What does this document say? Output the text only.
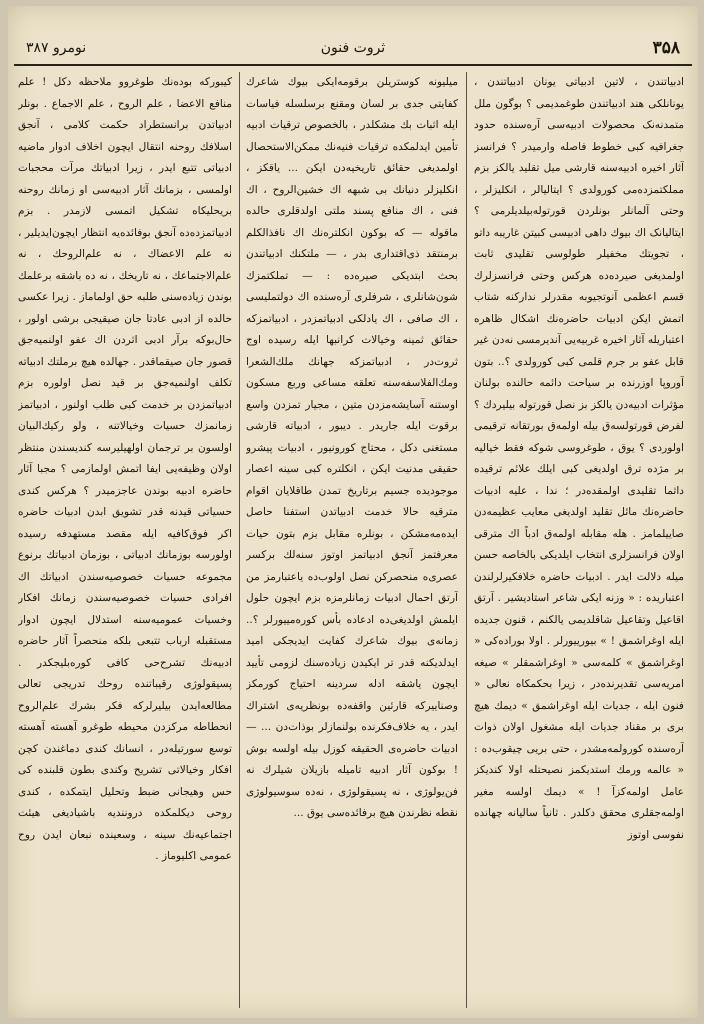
۳۵۸
ثروت فنون
نومرو ۳۸۷

ادبیاتندن ، لاتین ادبیاتی یونان ادبیاتندن ، یونانلکی هند ادبیاتندن طوغمدیمی ؟ بوگون ملل متمدنه‌نک محصولات ادبیه‌سی آره‌سنده حدود جغرافیه کبی خطوط فاصله وارمیدر ؟ فرانسز آثار اخیره ادبیه‌سنه قارشی میل تقلید یالکز بزم مملکتمزده‌می کورولدی ؟ ایتالیالر ، انکلیزلر ، وحتی آلمانلر بونلردن قورتوله‌بیلدیلرمی ؟ ایتالیانک اك بیوك داهی ادبیسی کبیتن غاریبه داتو ، تجویتك مخفیلر طولوسی تقلیدی ثابت اولمدیغی صیرده‌ده هرکس وحتی فرانسزلرك قسم اعظمی آنوتجیوبه مقدرلر ندارکنه شتاب اتمش ایکن ادبیات حاضره‌نك اشکال ظاهره اعتباریله آثار اخیره غربیه‌یی آندیرمسی نه‌دن غیر قابل عفو بر جرم قلمی کبی کورولدی ؟.. بتون آوروپا اوزرنده بر سیاحت دائمه حالنده بولنان مؤثرات ادبیه‌دن یالکز بز نصل قورتوله بیلیردك ؟ لفرض قورتولسه‌ق بیله اولمه‌ق بورتقانه ترقیمی اولوردی ؟ یوق ، طوغروسی شوکه فقط خیالیه بر مژده ترق اولدیغی کبی ایلك علائم ترقیده داثما تقلیدی اولمقده‌در ؛ ندا ، عليه ادبیات حاضره‌نك مائل تقلید اولدیغی معایب عظیمه‌دن صاییلمامز . هله مقابله اولمه‌ق ادباً اك مترقی اولان فرانسزلری انتخاب ایلدیکی بالخاصه حسن میله دلالت ایدر . ادبیات حاضره خلافکیرلرلندن اعتباریده : « وزنه ایکی شاعر استادیشیر . آرتق اقاعیل وتقاعیل شاقلدیمی یالکنم ، قنون جدیده ایله اوغراشمق ! » بیورییورلر . اولا بوراده‌کی « اوغراشمق » کلمه‌سی « اوغراشمقلر » صیغه امریه‌سی تقدیرنده‌در ، زیرا بحکمکاه نعالی « فنون ایله ، جدیات ایله اوغراشمق » دیمك هیچ برى بر مقناد جدیات ایله مشغول اولان ذوات آره‌سنده کورولمه‌مشدر ، حتی بریی چیقوب‌ده : « عالمه ورمك استدیکمز نصیحتله اولا کندیکز عامل اولمه‌کزآ ! » دیمك اولسه مغیر اولمه‌جقلری محقق دکلدر . ثانیاً سالیانه چهانده نفوسی اوتوز

میلیونه کوستریلن برقومه‌ایکی بیوك شاعرك کفایتی جدی بر لسان ومقنع برسلسله فیاسات ایله اثبات بك مشکلدر ، بالخصوص ترقیات ادبیه تأمین ایدلمکده ترقیات فنیه‌نك ممکن‌الاستحصال اولمدیغی حقائق تاریخیه‌دن ایکن ... یاقکز ، انکلیزلر دنیانك بی شبهه اك خشین‌الروح ، اك فنی ، اك منافع پسند ملتی اولدقلری حالده ماقوله — که بوکون انکلتره‌نك اك نافذالکلم برمنتقد ذی‌اقتداری بدر ، — ملتکنك ادبیاتندن بحث ابتدیکی صیره‌ده : — تملکتمزك شون‌شانلری ، شرفلری آره‌سنده اك دولتملیسی ، اك صافی ، اك یادلکی ادبیاتمزدر ، ادبیاتمزکه حقائق ثمینه وخیالات کرانبها ایله رسیده اوج ثروت‌در ، ادبیاتمزکه جهانك ملك‌الشعرا ومك‌الفلاسفه‌سنه تعلقه مساعی وربع مسکون اوستنه آسایشه‌مزدن متین ، مجیار تمزدن واسع برقوت ایله جاریدر . دیبور ، ادبیاته قارشی مستغنی دکل ، محتاج کورونیور ، ادبیات پیشرو حقیقی مدنیت ایکن ، انکلتره کبی سینه اعصار موجودیده جسیم برتاریخ تمدن طاقلایان اقوام مترقیه حالا خدمت ادبیاتدن استفنا حاصل ایده‌مه‌مشکن ، بونلره مقابل بزم بتون حیات معرفتمز آنجق ادبیاتمز اوتوز سنه‌لك برکسر عصری‌ه منحصرکن نصل اولوب‌ده یاعتبارمز من آرتق احمال ادبیات زمانلرمزه بزم ایچون حلول ایلمش اولدیغی‌ده ادعاده بأس کوره‌مییورلر ؟.. زمانه‌ی بیوك شاعرك کفایت ایدیجکی امید ایدلدیکنه قدر تر ایکیدن زیاده‌سنك لزومی تأیید ایچون یاشقه ادله سردینه احتیاج کورمکز وصناییرکه قارئین واقفه‌ده بونظریه‌ی اشتراك ایدر ، یه خلاف‌فکرنده بولنمازلر بوذات‌دن ... — ادبیات حاضره‌ی الحقیقه کوزل بیله اولسه بوش ! بوکون آثار ادبیه تامیله بازیلان شیلرك نه فن‌یولوژی ، نه پسیقولوژی ، نه‌ده سوسیولوژی نقطه نظرندن هیچ برفائده‌سی یوق ...

کیبورکه بوده‌نك طوغروو ملاحظه دکل ! علم منافع الاعضا ، علم الروح ، علم الاجماع . بونلر ادبیاتدن برانستطراد حکمت کلامی ، آنجق اسلافك روحنه انتقال ایچون اخلاف ادوار ماضیه ادبیاتی تتبع ایدر ، زیرا ادبیاتك مرآت محجبات اولمسی ، بزمانك آثار ادبیه‌سی او زمانك روحنه بریحلیکاه تشکیل اتمسی لازمدر . بزم ادبیاتمزده‌ده آنجق بوفائده‌یه انتظار ایچون‌ایدیلیر ، نه علم الاعضاك ، نه علم‌الروحك ، نه علم‌الاجتماعك ، نه تاریخك ، نه ده باشقه برعلمك بوندن زیاده‌سنی طلبه حق اولماماز . زیرا عکسی حالده از ادبی عادتا جان صیقیجی برشی اولور ، حال‌بوکه برآر ادبی اثردن اك عفو اولنمیه‌جق قصور جان صیقماقدر . جهالده هیچ برملتك ادبیاته تکلف اولنمیه‌جق بر قید نصل اولوره بزم ادبیاتمزدن بر خدمت کبی طلب اولنور ، ادبیاتمز زمانمزك حسیات وخیالاتنه ، ولو رکیك‌البیان اولسون بر ترجمان اولهیلیرسه کندیسندن منتظر اولان وظیفه‌یی ایفا اتمش اولمازمی ؟ مجبا آثار حاضره ادبیه بوندن عاجزمیدر ؟ هرکس کندی حسیاتی قیدنه قدر تشویق ابدن ادبیات حاضره اکر فوق‌کافیه ایله مقصد مستهدفه رسیده اولورسه بوزمانك ادبیاتی ، بوزمان ادبیاتك برنوع مجموعه حسیات خصوصیه‌سندن ادبیاتك اك افرادی حسیات خصوصیه‌سندن زمانك افکار وخسیات عمومیه‌سنه استدلال ایچون ادوار مستقبله ارباب تتبعی بلکه منحصراً آثار حاضره ادبیه‌نك تشرح‌حی کافی کوره‌بلیجکدر . پسیقولوژی رقیباتنده روحك تدریجی تعالی مطالعه‌ایدن بیلیرلرکه فکر بشرك علم‌الروح انحطاطه مرکزدن محیطه طوغرو آهسته آهسته توسع سورتیله‌در ، انسانك کندی دماغندن کچن افکار وخیالاتی تشریح وکندی بطون قلبنده کی حس وهیجانی ضبط وتحلیل ایتمکده ، کندی روحی دیکلمکده درونندیه باشیادیغی هیئت اجتماعیه‌نك سینه ، وسعینده نبعان ایدن روح عمومی اکلیوماز .
